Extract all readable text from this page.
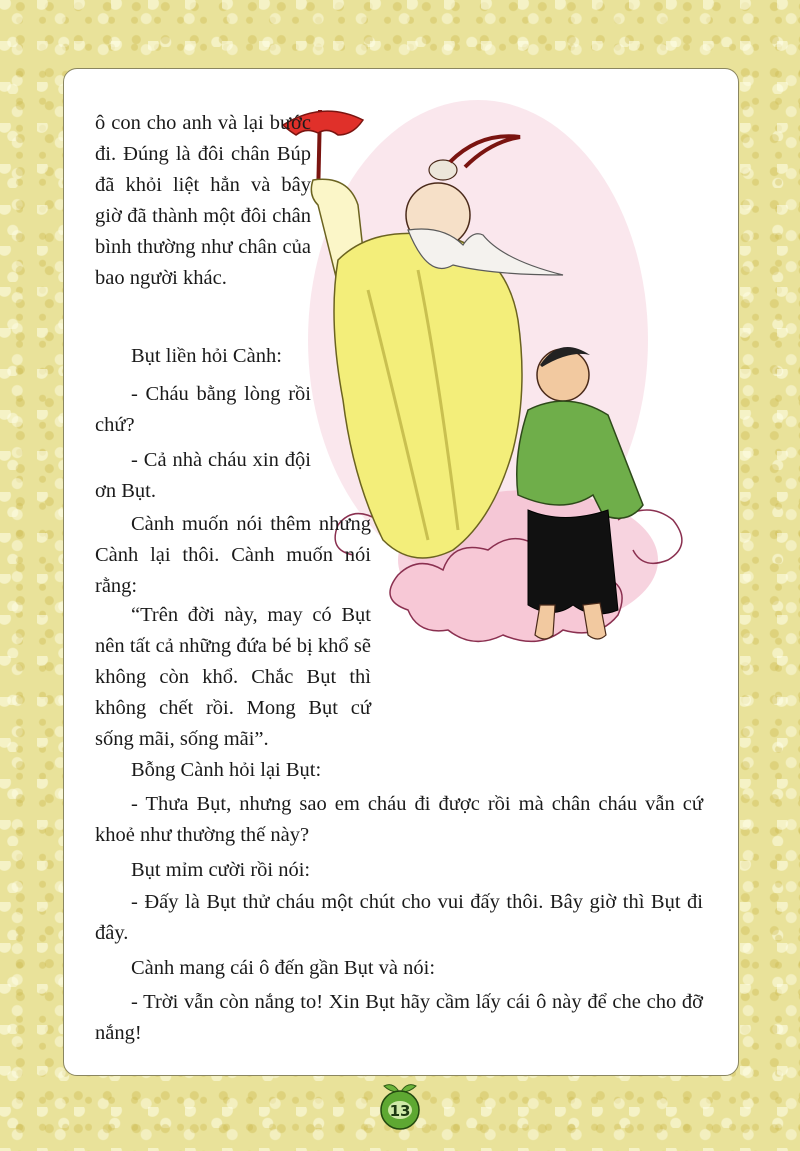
ô con cho anh và lại bước đi. Đúng là đôi chân Búp đã khỏi liệt hẳn và bây giờ đã thành một đôi chân bình thường như chân của bao người khác.

Bụt liền hỏi Cành:

- Cháu bằng lòng rồi chứ?

- Cả nhà cháu xin đội ơn Bụt.

Cành muốn nói thêm nhưng Cành lại thôi. Cành muốn nói rằng:

“Trên đời này, may có Bụt nên tất cả những đứa bé bị khổ sẽ không còn khổ. Chắc Bụt thì không chết rồi. Mong Bụt cứ sống mãi, sống mãi”.

Bỗng Cành hỏi lại Bụt:

- Thưa Bụt, nhưng sao em cháu đi được rồi mà chân cháu vẫn cứ khoẻ như thường thế này?

Bụt mỉm cười rồi nói:

- Đấy là Bụt thử cháu một chút cho vui đấy thôi. Bây giờ thì Bụt đi đây.

Cành mang cái ô đến gần Bụt và nói:

- Trời vẫn còn nắng to! Xin Bụt hãy cầm lấy cái ô này để che cho đỡ nắng!

13
